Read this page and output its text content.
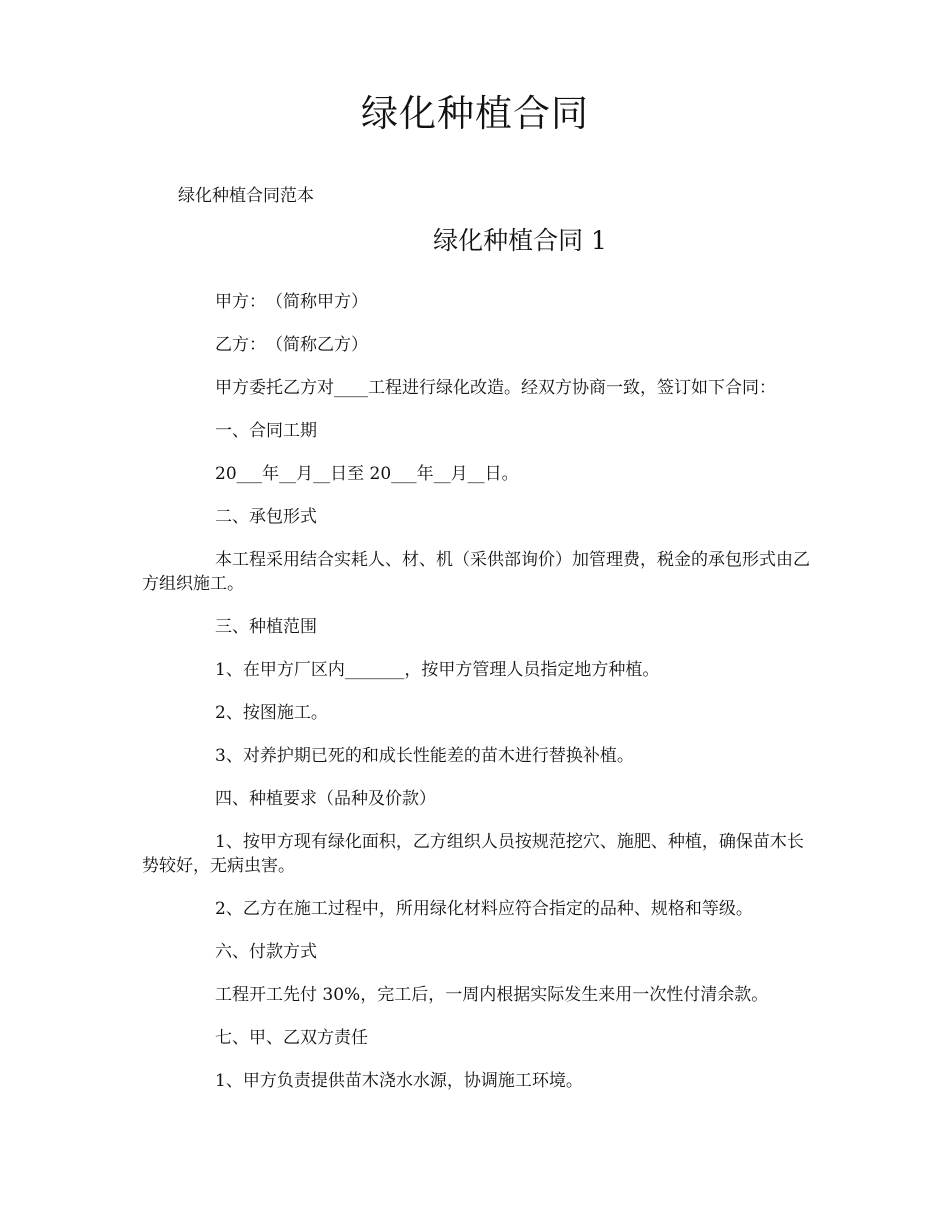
绿化种植合同
绿化种植合同范本
绿化种植合同 1

甲方：　（简称甲方）

乙方：　（简称乙方）

甲方委托乙方对____工程进行绿化改造。经双方协商一致，签订如下合同：

一、合同工期

20___年__月__日至 20___年__月__日。

二、承包形式

本工程采用结合实耗人、材、机（采供部询价）加管理费，税金的承包形式由乙方组织施工。

三、种植范围

1、在甲方厂区内_______，按甲方管理人员指定地方种植。

2、按图施工。

3、对养护期已死的和成长性能差的苗木进行替换补植。

四、种植要求（品种及价款）

1、按甲方现有绿化面积，乙方组织人员按规范挖穴、施肥、种植，确保苗木长势较好，无病虫害。

2、乙方在施工过程中，所用绿化材料应符合指定的品种、规格和等级。

六、付款方式

工程开工先付 30%，完工后，一周内根据实际发生来用一次性付清余款。

七、甲、乙双方责任

1、甲方负责提供苗木浇水水源，协调施工环境。
